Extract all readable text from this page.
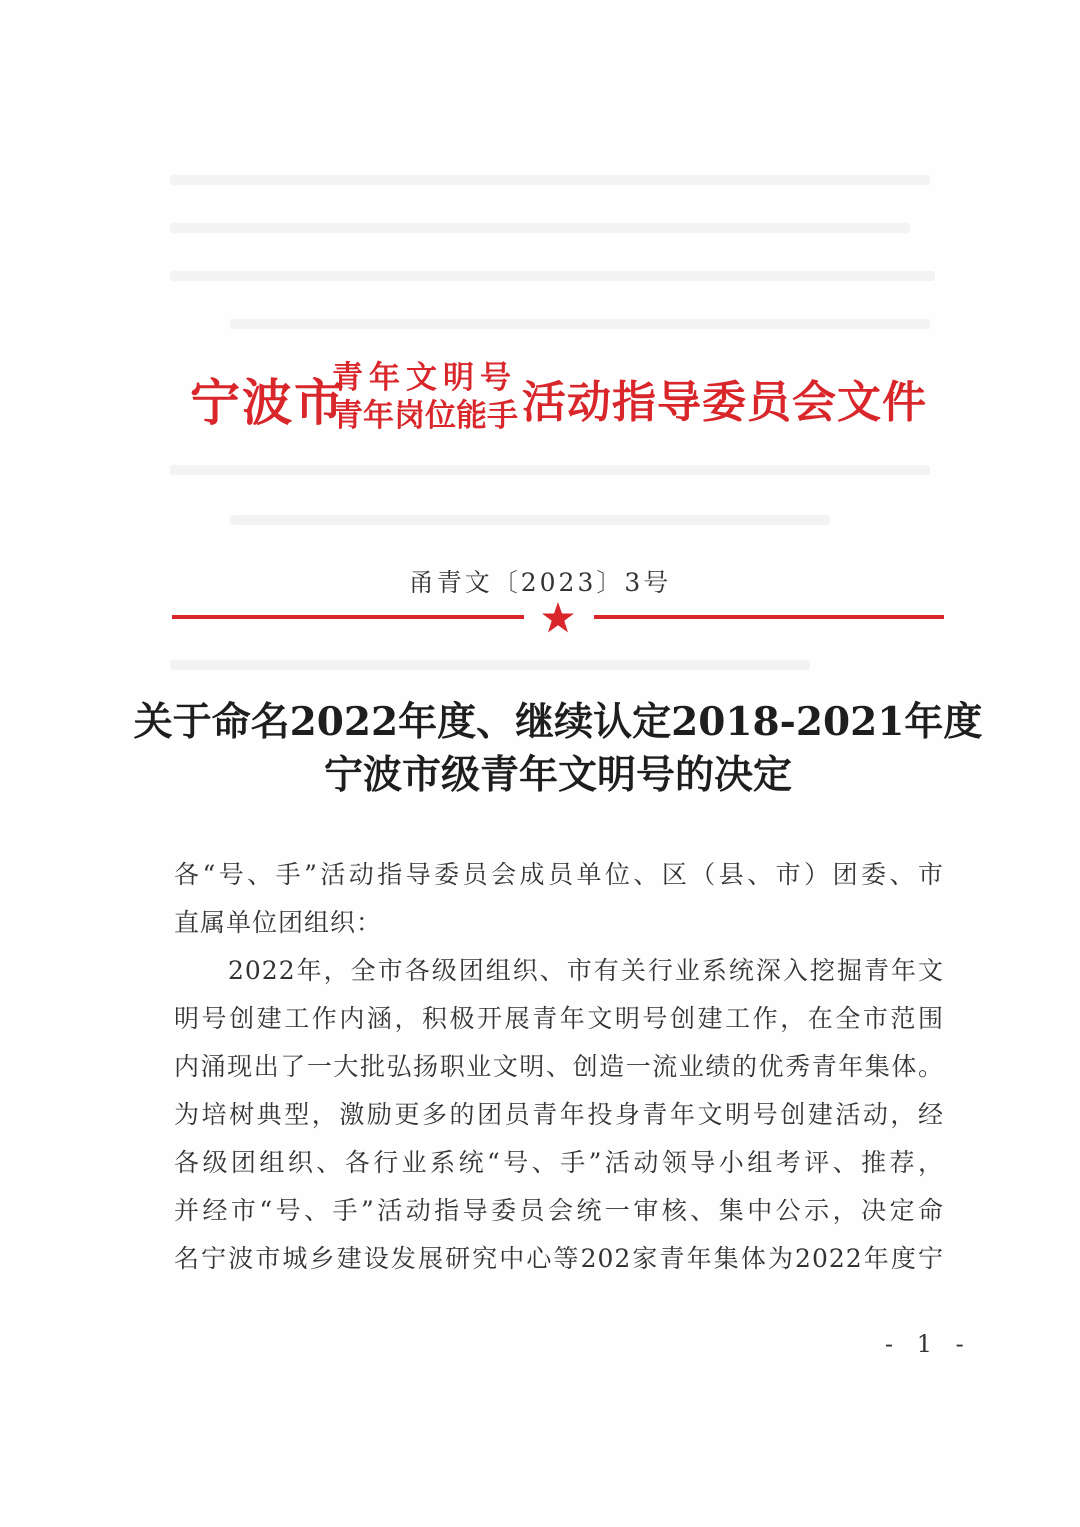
宁波市
青年文明号
青年岗位能手 活动指导委员会文件
甬青文〔2023〕3号
关于命名2022年度、继续认定2018-2021年度
宁波市级青年文明号的决定
各“号、手”活动指导委员会成员单位、区（县、市）团委、市
直属单位团组织：
2022年，全市各级团组织、市有关行业系统深入挖掘青年文
明号创建工作内涵，积极开展青年文明号创建工作，在全市范围
内涌现出了一大批弘扬职业文明、创造一流业绩的优秀青年集体。
为培树典型，激励更多的团员青年投身青年文明号创建活动，经
各级团组织、各行业系统“号、手”活动领导小组考评、推荐，
并经市“号、手”活动指导委员会统一审核、集中公示，决定命
名宁波市城乡建设发展研究中心等202家青年集体为2022年度宁
- 1 -
